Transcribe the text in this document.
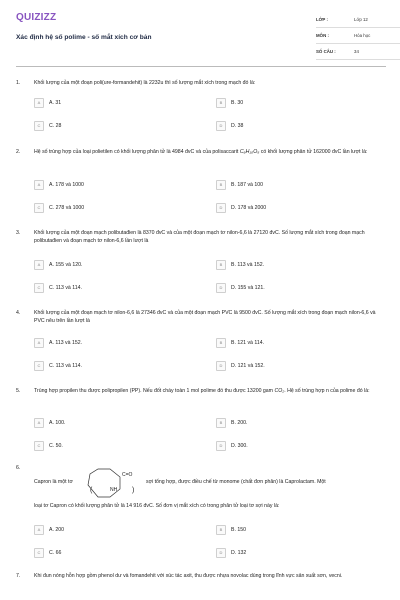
QUIZIZZ
Xác định hệ số polime - số mắt xích cơ bản
LỚP :	Lớp 12
MÔN :	Hóa học
SỐ CÂU :	34
1.	Khối lượng của một đoạn poli(ure-formandehit) là 2232u thì số lượng mắt xích trong mạch đó là:
A	A. 31	B	B. 30
C	C. 28	D	D. 38
2.	Hệ số trùng hợp của loại polietilen có khối lượng phân tử là 4984 đvC và của polisaccarit C₆H₁₀O₅ có khối lượng phân tử 162000 đvC lần lượt là:
A	A. 178 và 1000	B	B. 187 và 100
C	C. 278 và 1000	D	D. 178 và 2000
3.	Khối lượng của một đoạn mạch polibutađien là 8370 đvC và của một đoạn mạch tơ nilon-6,6 là 27120 đvC. Số lượng mắt xích trong đoạn mạch polibutađien và đoạn mạch tơ nilon-6,6 lần lượt là
A	A. 155 và 120.	B	B. 113 và 152.
C	C. 113 và 114.	D	D. 155 và 121.
4.	Khối lượng của một đoạn mạch tơ nilon-6,6 là 27346 đvC và của một đoạn mạch PVC là 9500 đvC. Số lượng mắt xích trong đoạn mạch nilon-6,6 và PVC nêu trên lần lượt là
A	A. 113 và 152.	B	B. 121 và 114.
C	C. 113 và 114.	D	D. 121 và 152.
5.	Trùng hợp propilen thu được polipropilen (PP). Nếu đốt cháy toàn 1 mol polime đó thu được 13200 gam CO₂. Hệ số trùng hợp n của polime đó là:
A	A. 100.	B	B. 200.
C	C. 50.	D	D. 300.
6.
C=O
NH
(	)
Capron là một tơ	sợi tổng hợp, được điều chế từ monome (chất đơn phân) là Caprolactam. Một
loại tơ Capron có khối lượng phân tử là 14 916 đvC. Số đơn vị mắt xích có trong phân tử loại tơ sợi này là:
A	A. 200	B	B. 150
C	C. 66	D	D. 132
7.	Khi đun nóng hỗn hợp gồm phenol dư và fomandehit với xúc tác axit, thu được nhựa novolac dùng trong lĩnh vực sản xuất sơn, vecni.
